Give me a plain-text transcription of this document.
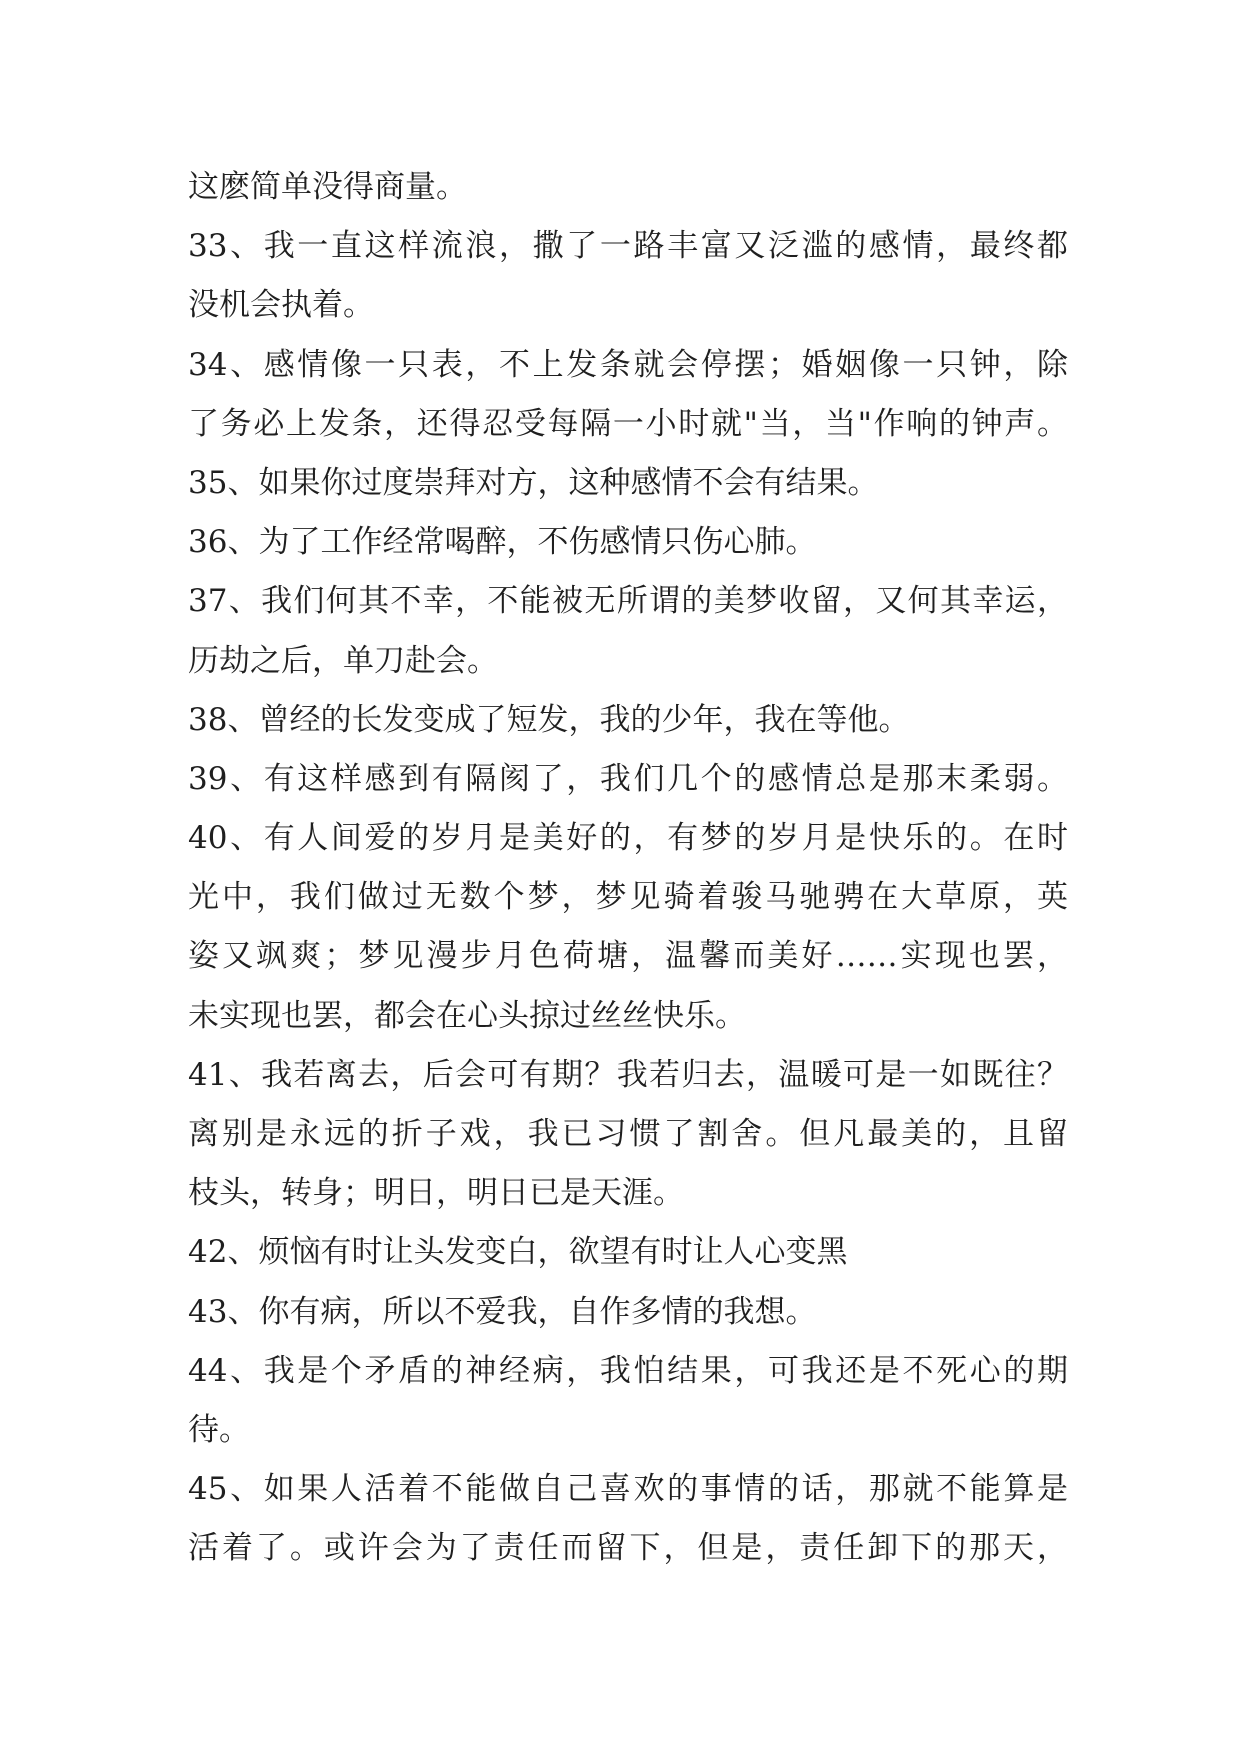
这麽简单没得商量。
33、我一直这样流浪，撒了一路丰富又泛滥的感情，最终都
没机会执着。
34、感情像一只表，不上发条就会停摆；婚姻像一只钟，除
了务必上发条，还得忍受每隔一小时就"当，当"作响的钟声。
35、如果你过度崇拜对方，这种感情不会有结果。
36、为了工作经常喝醉，不伤感情只伤心肺。
37、我们何其不幸，不能被无所谓的美梦收留，又何其幸运，
历劫之后，单刀赴会。
38、曾经的长发变成了短发，我的少年，我在等他。
39、有这样感到有隔阂了，我们几个的感情总是那末柔弱。
40、有人间爱的岁月是美好的，有梦的岁月是快乐的。在时
光中，我们做过无数个梦，梦见骑着骏马驰骋在大草原，英
姿又飒爽；梦见漫步月色荷塘，温馨而美好……实现也罢，
未实现也罢，都会在心头掠过丝丝快乐。
41、我若离去，后会可有期？我若归去，温暖可是一如既往？
离别是永远的折子戏，我已习惯了割舍。但凡最美的，且留
枝头，转身；明日，明日已是天涯。
42、烦恼有时让头发变白，欲望有时让人心变黑
43、你有病，所以不爱我，自作多情的我想。
44、我是个矛盾的神经病，我怕结果，可我还是不死心的期
待。
45、如果人活着不能做自己喜欢的事情的话，那就不能算是
活着了。或许会为了责任而留下，但是，责任卸下的那天，
